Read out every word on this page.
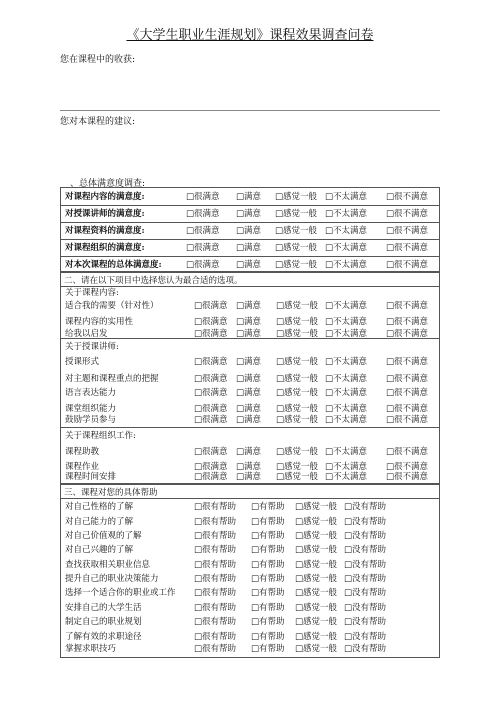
《大学生职业生涯规划》课程效果调查问卷
您在课程中的收获:
您对本课程的建议:
、总体满意度调查:
对课程内容的满意度:	□很满意 □满意 □感觉一般 □不太满意 □很不满意
对授课讲师的满意度:	□很满意 □满意 □感觉一般 □不太满意 □很不满意
对课程资料的满意度:	□很满意 □满意 □感觉一般 □不太满意 □很不满意
对课程组织的满意度:	□很满意 □满意 □感觉一般 □不太满意 □很不满意
对本次课程的总体满意度:	□很满意 □满意 □感觉一般 □不太满意 □很不满意
二、请在以下项目中选择您认为最合适的选项。
关于课程内容:
适合我的需要（针对性）	□很满意 □满意 □感觉一般 □不太满意 □很不满意
课程内容的实用性	□很满意 □满意 □感觉一般 □不太满意 □很不满意
给我以启发	□很满意 □满意 □感觉一般 □不太满意 □很不满意
关于授课讲师:
授课形式	□很满意 □满意 □感觉一般 □不太满意 □很不满意
对主题和课程重点的把握	□很满意 □满意 □感觉一般 □不太满意 □很不满意
语言表达能力	□很满意 □满意 □感觉一般 □不太满意 □很不满意
课堂组织能力	□很满意 □满意 □感觉一般 □不太满意 □很不满意
鼓励学员参与	□很满意 □满意 □感觉一般 □不太满意 □很不满意
关于课程组织工作:
课程助教	□很满意 □满意 □感觉一般 □不太满意 □很不满意
课程作业	□很满意 □满意 □感觉一般 □不太满意 □很不满意
课程时间安排	□很满意 □满意 □感觉一般 □不太满意 □很不满意
三、课程对您的具体帮助
对自己性格的了解	□很有帮助 □有帮助 □感觉一般 □没有帮助
对自己能力的了解	□很有帮助 □有帮助 □感觉一般 □没有帮助
对自己价值观的了解	□很有帮助 □有帮助 □感觉一般 □没有帮助
对自己兴趣的了解	□很有帮助 □有帮助 □感觉一般 □没有帮助
查找获取相关职业信息	□很有帮助 □有帮助 □感觉一般 □没有帮助
提升自己的职业决策能力	□很有帮助 □有帮助 □感觉一般 □没有帮助
选择一个适合你的职业或工作 □很有帮助 □有帮助 □感觉一般 □没有帮助
安排自己的大学生活	□很有帮助 □有帮助 □感觉一般 □没有帮助
制定自己的职业规划	□很有帮助 □有帮助 □感觉一般 □没有帮助
了解有效的求职途径	□很有帮助 □有帮助 □感觉一般 □没有帮助
掌握求职技巧	□很有帮助 □有帮助 □感觉一般 □没有帮助
